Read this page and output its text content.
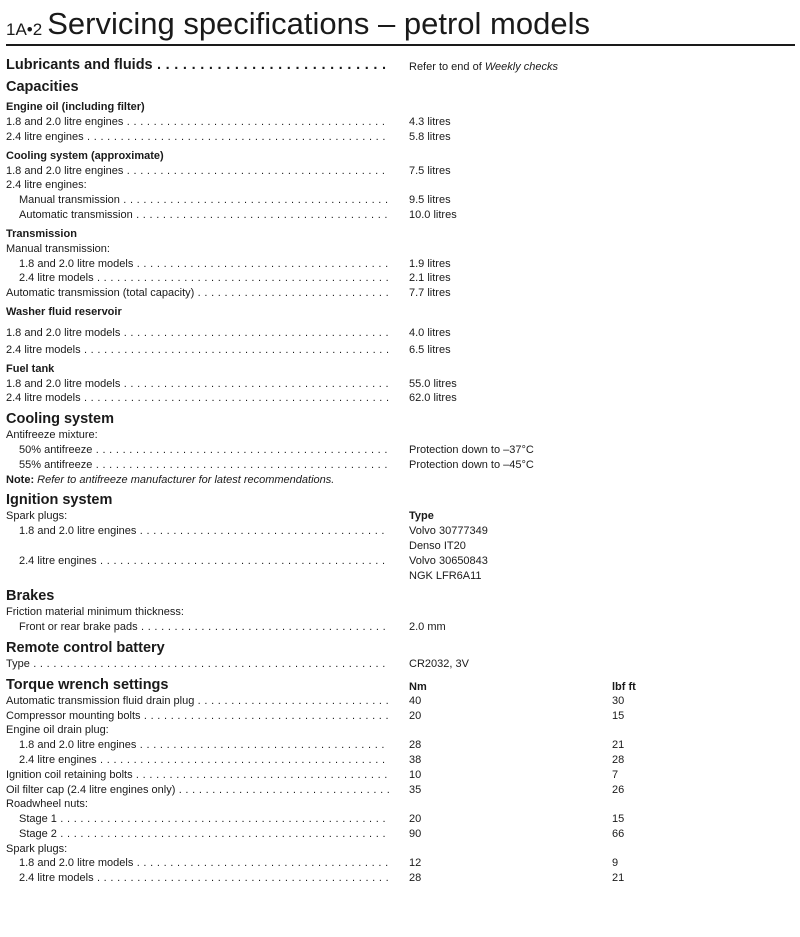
1A•2 Servicing specifications – petrol models
Lubricants and fluids . . .	Refer to end of Weekly checks
Capacities
Engine oil (including filter)
1.8 and 2.0 litre engines . . .	4.3 litres
2.4 litre engines . . .	5.8 litres
Cooling system (approximate)
1.8 and 2.0 litre engines . . .	7.5 litres
2.4 litre engines:
Manual transmission . . .	9.5 litres
Automatic transmission . . .	10.0 litres
Transmission
Manual transmission:
1.8 and 2.0 litre models . . .	1.9 litres
2.4 litre models . . .	2.1 litres
Automatic transmission (total capacity) . . .	7.7 litres
Washer fluid reservoir
1.8 and 2.0 litre models . . .	4.0 litres
2.4 litre models . . .	6.5 litres
Fuel tank
1.8 and 2.0 litre models . . .	55.0 litres
2.4 litre models . . .	62.0 litres
Cooling system
Antifreeze mixture:
50% antifreeze . . .	Protection down to –37°C
55% antifreeze . . .	Protection down to –45°C
Note: Refer to antifreeze manufacturer for latest recommendations.
Ignition system
Spark plugs:	Type
1.8 and 2.0 litre engines . . .	Volvo 30777349
Denso IT20
2.4 litre engines . . .	Volvo 30650843
NGK LFR6A11
Brakes
Friction material minimum thickness:
Front or rear brake pads . . .	2.0 mm
Remote control battery
Type . . .	CR2032, 3V
Torque wrench settings	Nm	lbf ft
Automatic transmission fluid drain plug . . .	40	30
Compressor mounting bolts . . .	20	15
Engine oil drain plug:
1.8 and 2.0 litre engines . . .	28	21
2.4 litre engines . . .	38	28
Ignition coil retaining bolts . . .	10	7
Oil filter cap (2.4 litre engines only) . . .	35	26
Roadwheel nuts:
Stage 1 . . .	20	15
Stage 2 . . .	90	66
Spark plugs:
1.8 and 2.0 litre models . . .	12	9
2.4 litre models . . .	28	21
